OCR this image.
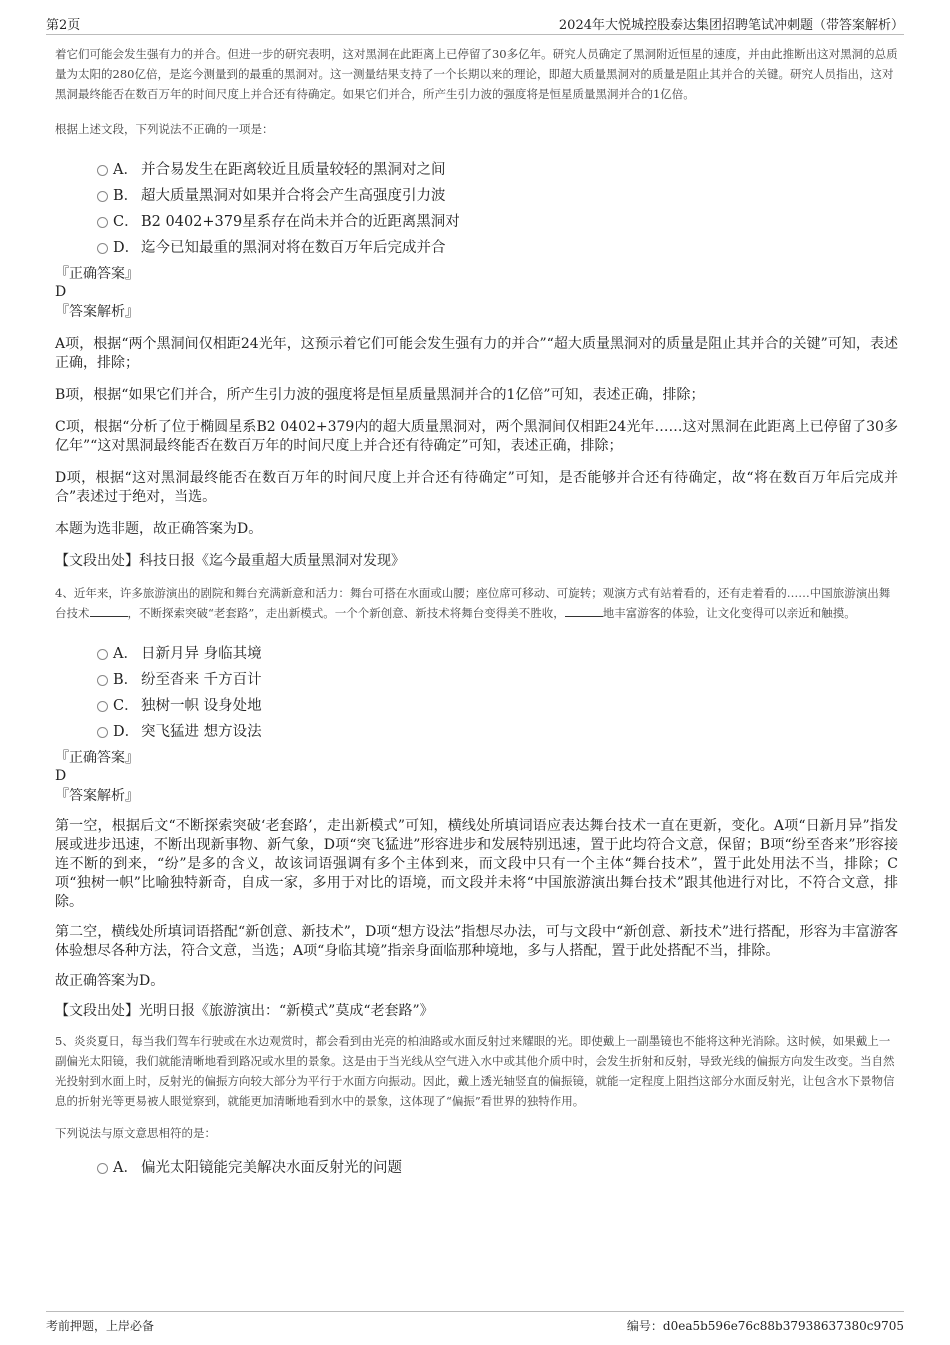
第2页	2024年大悦城控股泰达集团招聘笔试冲刺题（带答案解析）

着它们可能会发生强有力的并合。但进一步的研究表明，这对黑洞在此距离上已停留了30多亿年。研究人员确定了黑洞附近恒星的速度，并由此推断出这对黑洞的总质量为太阳的280亿倍，是迄今测量到的最重的黑洞对。这一测量结果支持了一个长期以来的理论，即超大质量黑洞对的质量是阻止其并合的关键。研究人员指出，这对黑洞最终能否在数百万年的时间尺度上并合还有待确定。如果它们并合，所产生引力波的强度将是恒星质量黑洞并合的1亿倍。

根据上述文段，下列说法不正确的一项是：

A． 并合易发生在距离较近且质量较轻的黑洞对之间
B． 超大质量黑洞对如果并合将会产生高强度引力波
C． B2 0402+379星系存在尚未并合的近距离黑洞对
D． 迄今已知最重的黑洞对将在数百万年后完成并合

『正确答案』

D

『答案解析』

A项，根据“两个黑洞间仅相距24光年，这预示着它们可能会发生强有力的并合”“超大质量黑洞对的质量是阻止其并合的关键”可知，表述正确，排除；

B项，根据“如果它们并合，所产生引力波的强度将是恒星质量黑洞并合的1亿倍”可知，表述正确，排除；

C项，根据“分析了位于椭圆星系B2 0402+379内的超大质量黑洞对，两个黑洞间仅相距24光年……这对黑洞在此距离上已停留了30多亿年”“这对黑洞最终能否在数百万年的时间尺度上并合还有待确定”可知，表述正确，排除；

D项，根据“这对黑洞最终能否在数百万年的时间尺度上并合还有待确定”可知，是否能够并合还有待确定，故“将在数百万年后完成并合”表述过于绝对，当选。

本题为选非题，故正确答案为D。

【文段出处】科技日报《迄今最重超大质量黑洞对发现》

4、近年来，许多旅游演出的剧院和舞台充满新意和活力：舞台可搭在水面或山腰；座位席可移动、可旋转；观演方式有站着看的，还有走着看的……中国旅游演出舞台技术	，不断探索突破“老套路”，走出新模式。一个个新创意、新技术将舞台变得美不胜收，	地丰富游客的体验，让文化变得可以亲近和触摸。

A． 日新月异 身临其境
B． 纷至沓来 千方百计
C． 独树一帜 设身处地
D． 突飞猛进 想方设法

『正确答案』

D

『答案解析』

第一空，根据后文“不断探索突破‘老套路’，走出新模式”可知，横线处所填词语应表达舞台技术一直在更新，变化。A项“日新月异”指发展或进步迅速，不断出现新事物、新气象，D项“突飞猛进”形容进步和发展特别迅速，置于此均符合文意，保留；B项“纷至沓来”形容接连不断的到来，“纷”是多的含义，故该词语强调有多个主体到来，而文段中只有一个主体“舞台技术”，置于此处用法不当，排除；C项“独树一帜”比喻独特新奇，自成一家，多用于对比的语境，而文段并未将“中国旅游演出舞台技术”跟其他进行对比，不符合文意，排除。

第二空，横线处所填词语搭配“新创意、新技术”，D项“想方设法”指想尽办法，可与文段中“新创意、新技术”进行搭配，形容为丰富游客体验想尽各种方法，符合文意，当选；A项“身临其境”指亲身面临那种境地，多与人搭配，置于此处搭配不当，排除。

故正确答案为D。

【文段出处】光明日报《旅游演出：“新模式”莫成“老套路”》

5、炎炎夏日，每当我们驾车行驶或在水边观赏时，都会看到由光亮的柏油路或水面反射过来耀眼的光。即使戴上一副墨镜也不能将这种光消除。这时候，如果戴上一副偏光太阳镜，我们就能清晰地看到路况或水里的景象。这是由于当光线从空气进入水中或其他介质中时，会发生折射和反射，导致光线的偏振方向发生改变。当自然光投射到水面上时，反射光的偏振方向较大部分为平行于水面方向振动。因此，戴上透光轴竖直的偏振镜，就能一定程度上阻挡这部分水面反射光，让包含水下景物信息的折射光等更易被人眼觉察到，就能更加清晰地看到水中的景象，这体现了“偏振”看世界的独特作用。

下列说法与原文意思相符的是：

A． 偏光太阳镜能完美解决水面反射光的问题
考前押题，上岸必备	编号：d0ea5b596e76c88b37938637380c9705
